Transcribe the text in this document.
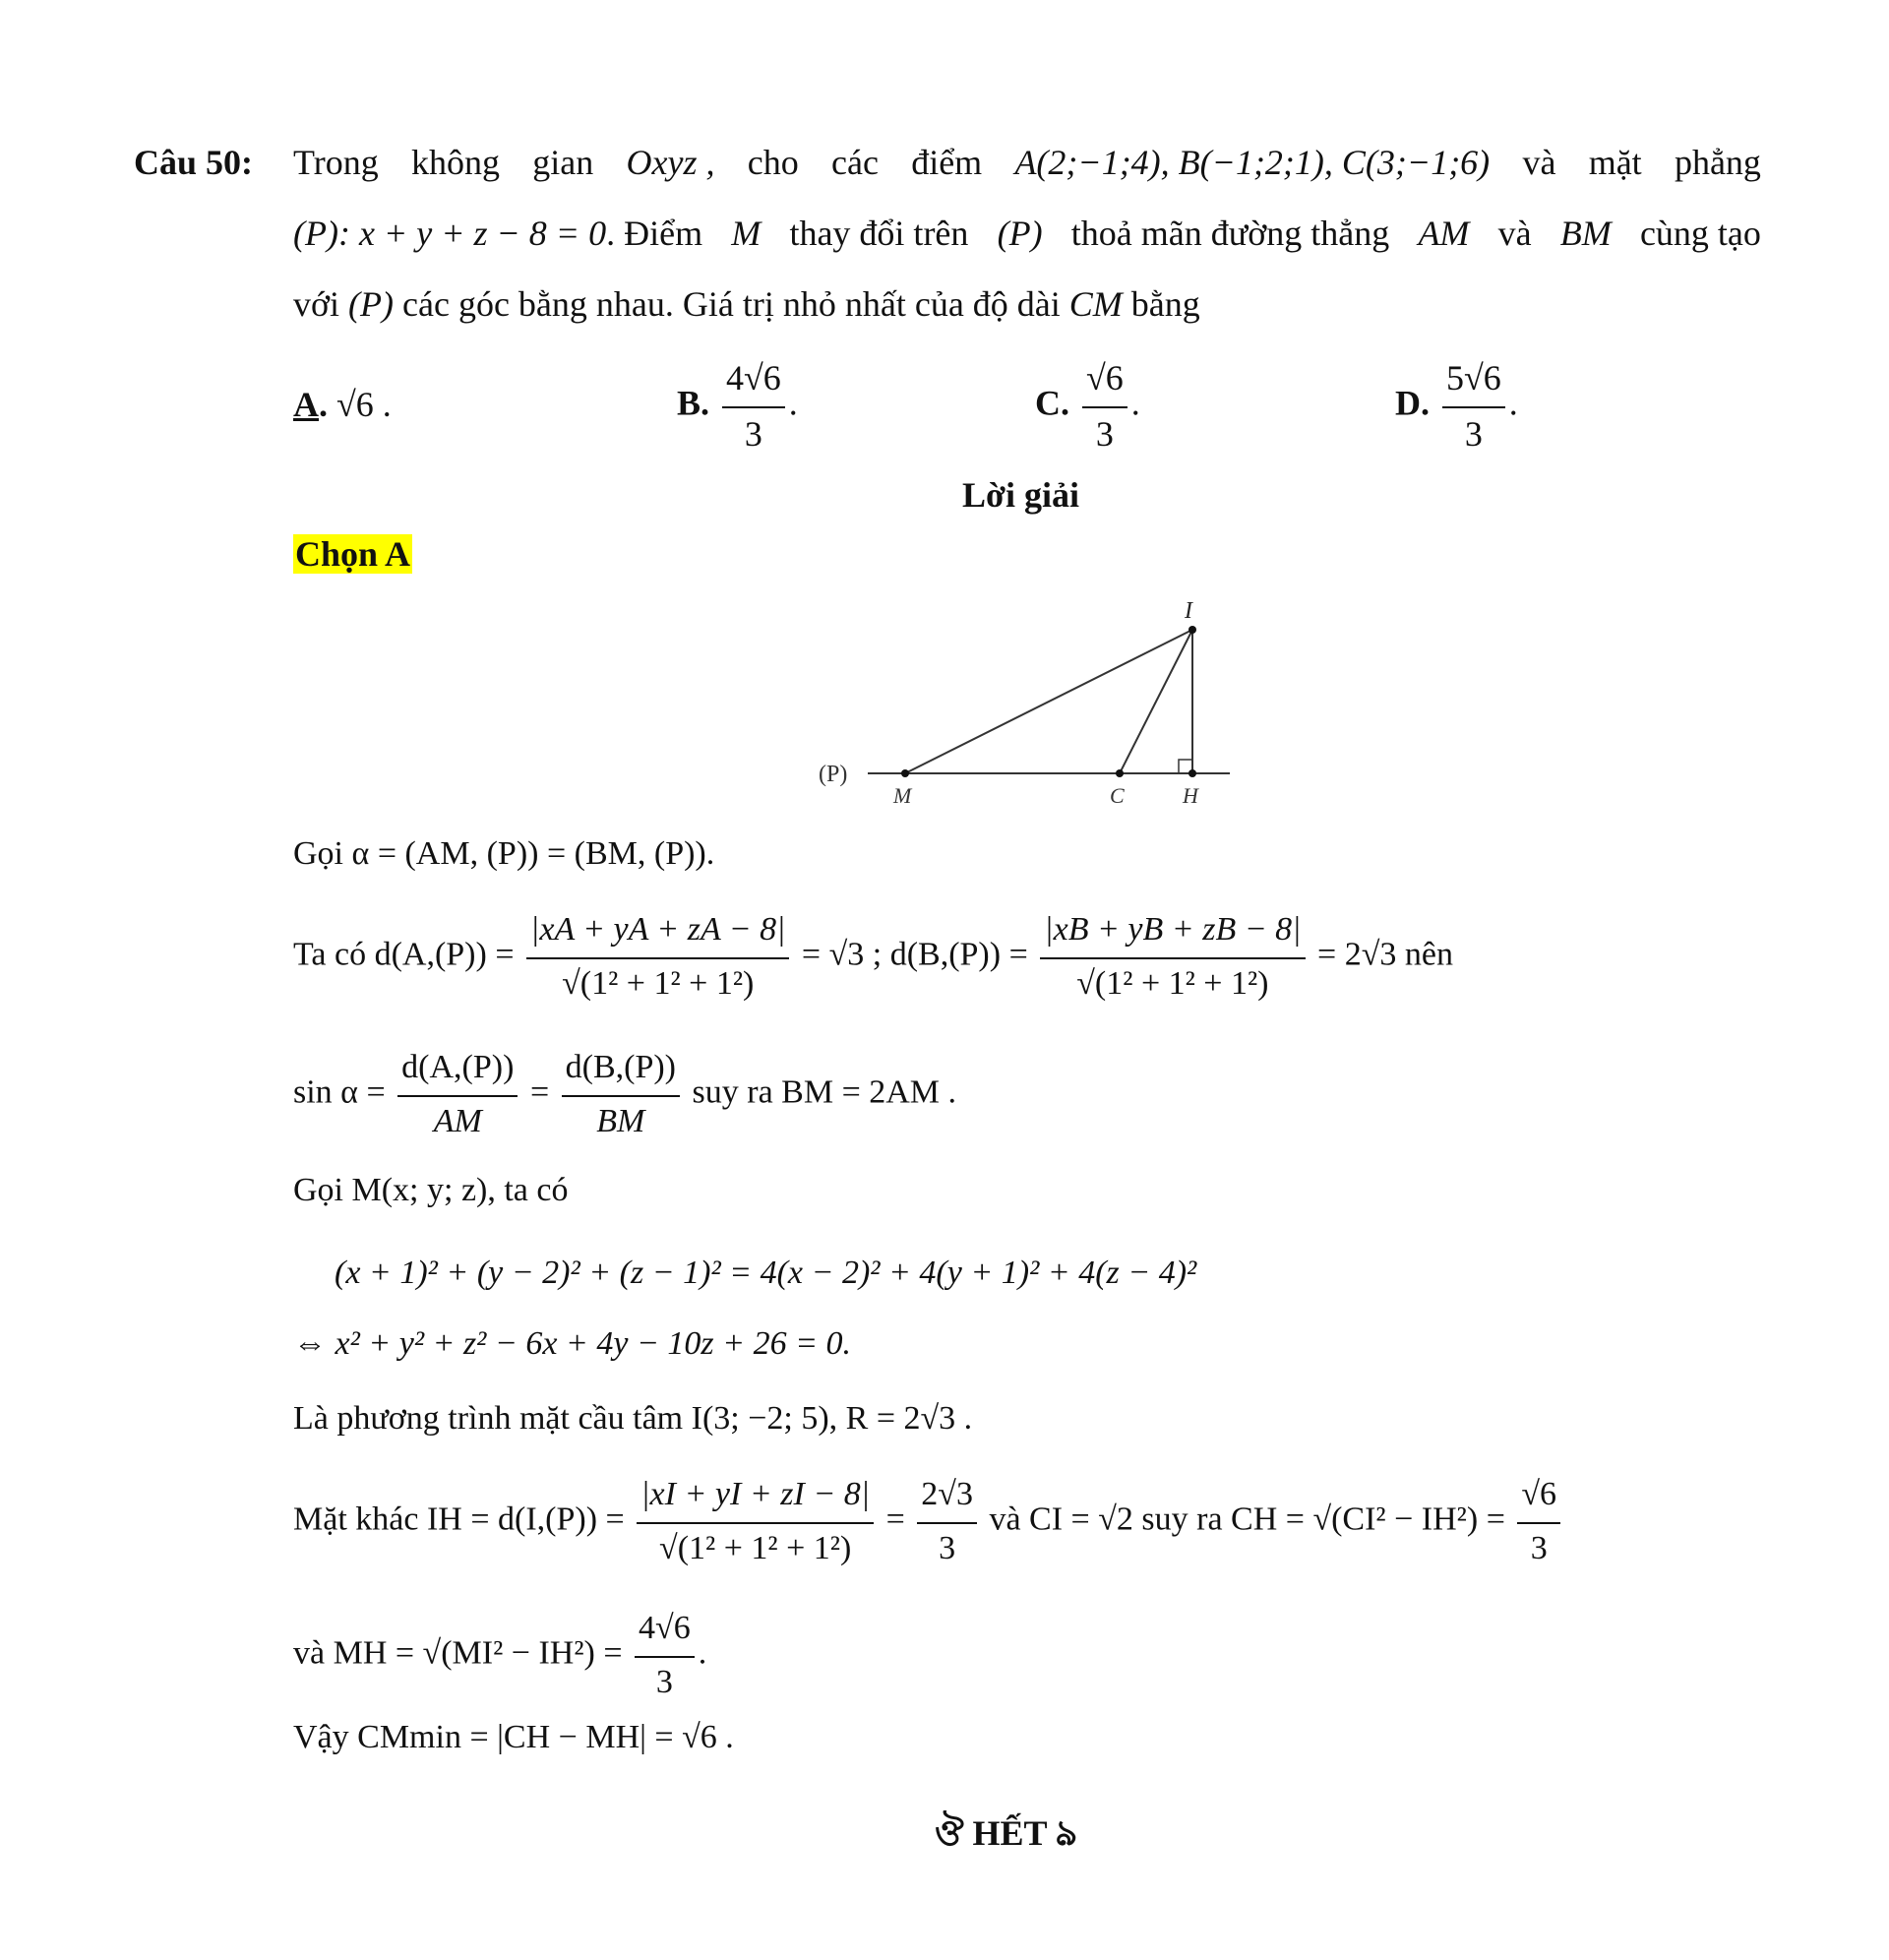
Câu 50: Trong không gian Oxyz , cho các điểm A(2;−1;4), B(−1;2;1), C(3;−1;6) và mặt phẳng
(P): x + y + z − 8 = 0. Điểm M thay đổi trên (P) thoả mãn đường thẳng AM và BM cùng tạo
với (P) các góc bằng nhau. Giá trị nhỏ nhất của độ dài CM bằng
A. √6 .	B. $\frac{4√6}{3}$ .	C. $\frac{√6}{3}$ .	D. $\frac{5√6}{3}$ .
Lời giải
Chọn A
I
(P)
M	C	H
Gọi α = (AM, (P)) = (BM, (P)).
Ta có $d(A,(P)) = \frac{|xA + yA + zA - 8|}{\text{√(1² + 1² + 1²)}} = √3$ ; $d(B,(P)) = \frac{|xB + yB + zB - 8|}{\text{√(1² + 1² + 1²)}} = 2√3$ nên
$\sin \alpha = \frac{d(A,(P))}{AM} = \frac{d(B,(P))}{BM}$ suy ra BM = 2AM .
Gọi M(x; y; z), ta có
(x + 1)² + (y − 2)² + (z − 1)² = 4(x − 2)² + 4(y + 1)² + 4(z − 4)²
⇔ x² + y² + z² − 6x + 4y − 10z + 26 = 0.
Là phương trình mặt cầu tâm I(3; −2; 5), R = 2√3 .
Mặt khác IH = $d(I,(P)) = \frac{|xI + yI + zI - 8|}{\text{√(1² + 1² + 1²)}} = \frac{2√3}{3}$ và CI = √2 suy ra CH = $√(CI^2 - IH^2) = \frac{√6}{3}$
và MH = $√(MI^2 - IH^2) = \frac{4√6}{3}$ .
Vậy CMmin = |CH − MH| = √6 .
ঔ HẾT ঌ
